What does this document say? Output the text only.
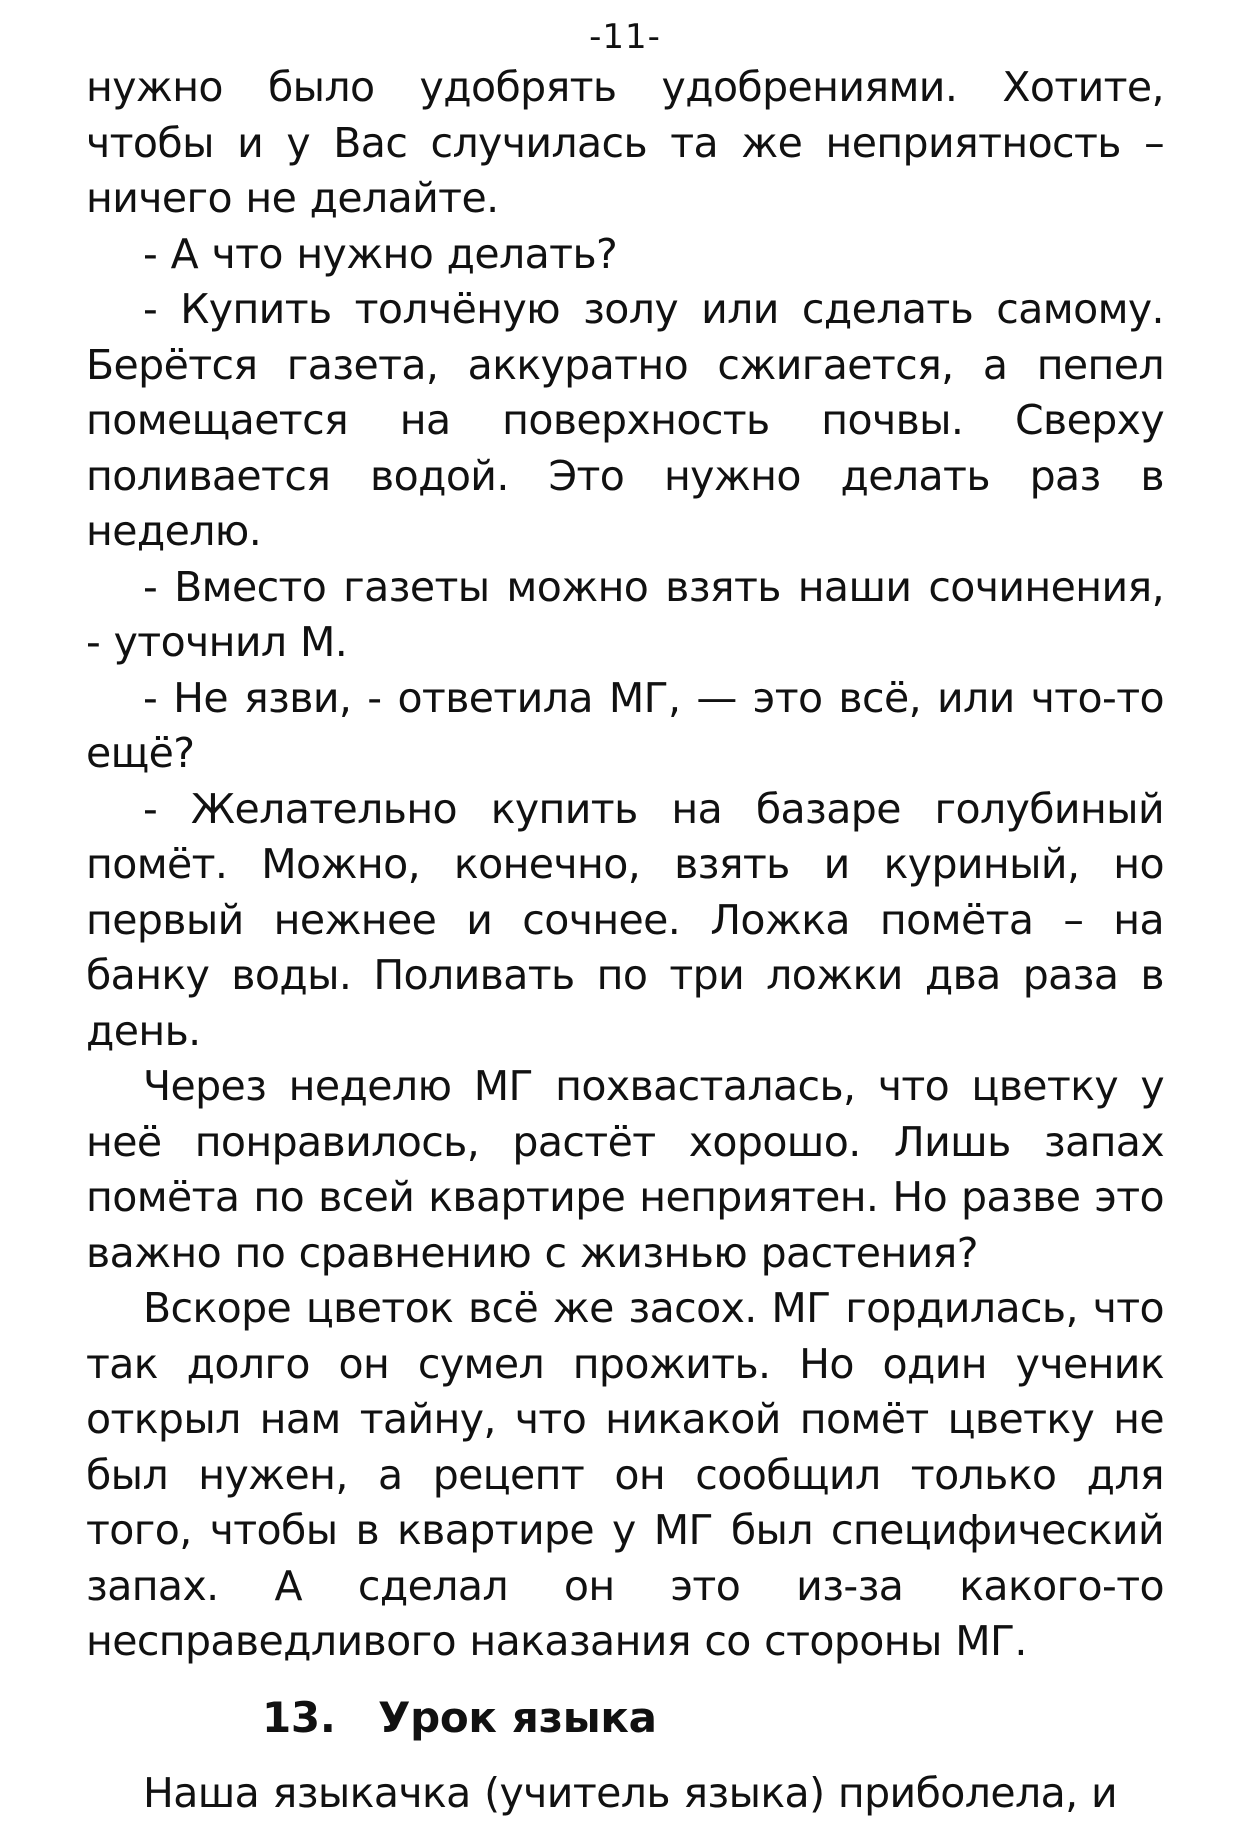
-11-

нужно было удобрять удобрениями. Хотите, чтобы и у Вас случилась та же неприятность – ничего не делайте.

- А что нужно делать?

- Купить толчёную золу или сделать самому. Берётся газета, аккуратно сжигается, а пепел помещается на поверхность почвы. Сверху поливается водой. Это нужно делать раз в неделю.

- Вместо газеты можно взять наши сочинения, - уточнил М.

- Не язви, - ответила МГ, — это всё, или что-то ещё?

- Желательно купить на базаре голубиный помёт. Можно, конечно, взять и куриный, но первый нежнее и сочнее. Ложка помёта – на банку воды. Поливать по три ложки два раза в день.

Через неделю МГ похвасталась, что цветку у неё понравилось, растёт хорошо. Лишь запах помёта по всей квартире неприятен. Но разве это важно по сравнению с жизнью растения?

Вскоре цветок всё же засох. МГ гордилась, что так долго он сумел прожить. Но один ученик открыл нам тайну, что никакой помёт цветку не был нужен, а рецепт он сообщил только для того, чтобы в квартире у МГ был специфический запах. А сделал он это из-за какого-то несправедливого наказания со стороны МГ.

13. Урок языка

Наша языкачка (учитель языка) приболела, и
